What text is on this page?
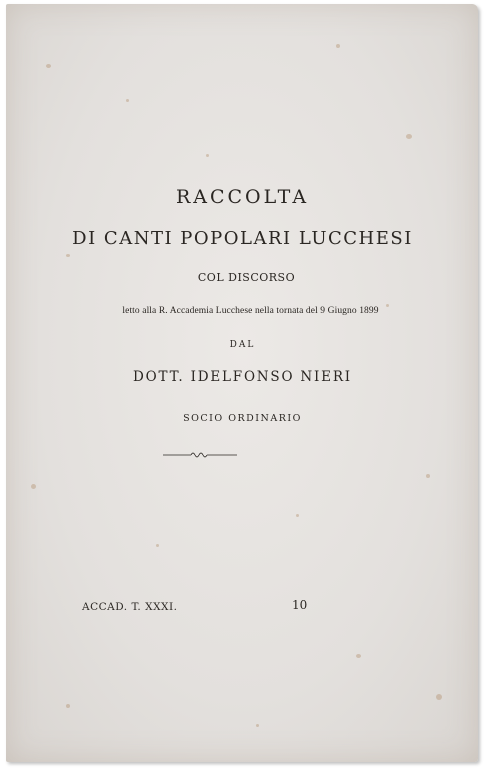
RACCOLTA

DI CANTI POPOLARI LUCCHESI

COL DISCORSO

letto alla R. Accademia Lucchese nella tornata del 9 Giugno 1899

DAL

DOTT. IDELFONSO NIERI

SOCIO ORDINARIO

ACCAD. T. XXXI.	10
